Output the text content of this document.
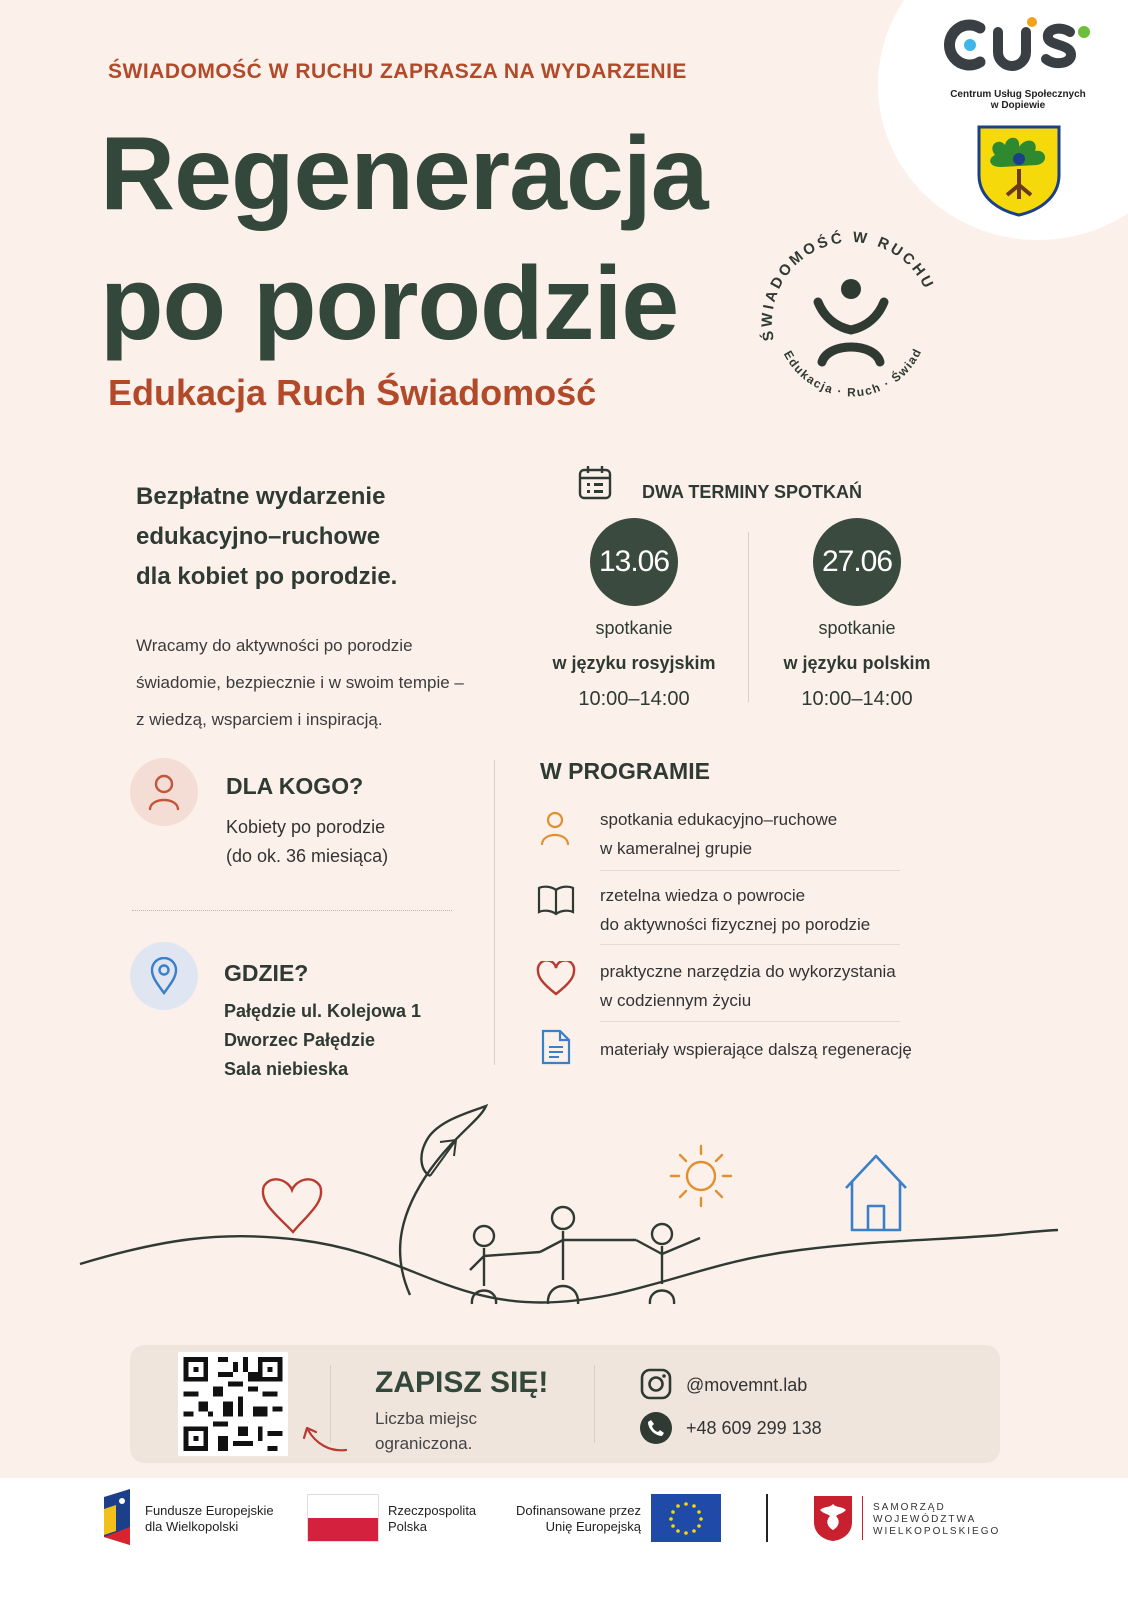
Centrum Usług Społecznych
w Dopiewie
ŚWIADOMOŚĆ W RUCHU ZAPRASZA NA WYDARZENIE
Regeneracja
po porodzie
Edukacja Ruch Świadomość
ŚWIADOMOŚĆ W RUCHU
Edukacja · Ruch · Świad
Bezpłatne wydarzenie
edukacyjno–ruchowe
dla kobiet po porodzie.
Wracamy do aktywności po porodzie
świadomie, bezpiecznie i w swoim tempie –
z wiedzą, wsparciem i inspiracją.
DWA TERMINY SPOTKAŃ
13.06
spotkanie
w języku rosyjskim
10:00–14:00
27.06
spotkanie
w języku polskim
10:00–14:00
DLA KOGO?
Kobiety po porodzie
(do ok. 36 miesiąca)
GDZIE?
Pałędzie ul. Kolejowa 1
Dworzec Pałędzie
Sala niebieska
W PROGRAMIE
spotkania edukacyjno–ruchowe
w kameralnej grupie
rzetelna wiedza o powrocie
do aktywności fizycznej po porodzie
praktyczne narzędzia do wykorzystania
w codziennym życiu
materiały wspierające dalszą regenerację
ZAPISZ SIĘ!
Liczba miejsc
ograniczona.
@movemnt.lab
+48 609 299 138
Fundusze Europejskie
dla Wielkopolski
Rzeczpospolita
Polska
Dofinansowane przez
Unię Europejską
SAMORZĄD
WOJEWÓDZTWA
WIELKOPOLSKIEGO
